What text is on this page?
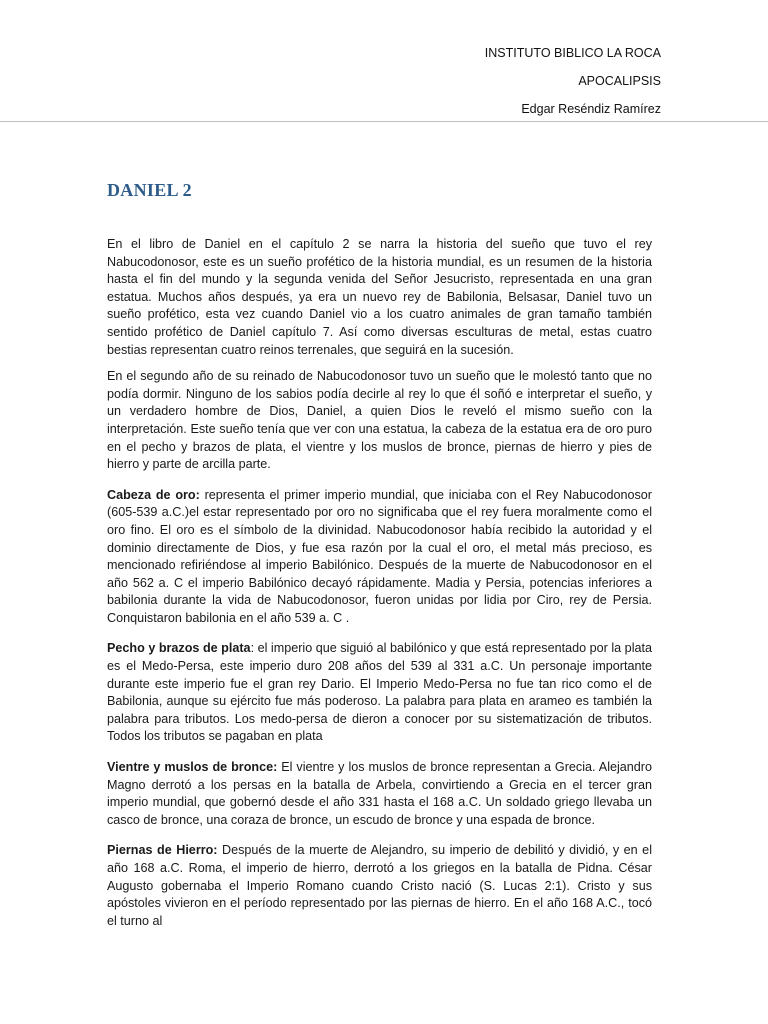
INSTITUTO BIBLICO LA ROCA
APOCALIPSIS
Edgar Reséndiz Ramírez
DANIEL 2

En el libro de Daniel en el capítulo 2 se narra la historia del sueño que tuvo el rey Nabucodonosor, este es un sueño profético de la historia mundial, es un resumen de la historia hasta el fin del mundo y la segunda venida del Señor Jesucristo, representada en una gran estatua. Muchos años después, ya era un nuevo rey de Babilonia, Belsasar, Daniel tuvo un sueño profético, esta vez cuando Daniel vio a los cuatro animales de gran tamaño también sentido profético de Daniel capítulo 7. Así como diversas esculturas de metal, estas cuatro bestias representan cuatro reinos terrenales, que seguirá en la sucesión.

En el segundo año de su reinado de Nabucodonosor tuvo un sueño que le molestó tanto que no podía dormir. Ninguno de los sabios podía decirle al rey lo que él soñó e interpretar el sueño, y un verdadero hombre de Dios, Daniel, a quien Dios le reveló el mismo sueño con la interpretación. Este sueño tenía que ver con una estatua, la cabeza de la estatua era de oro puro en el pecho y brazos de plata, el vientre y los muslos de bronce, piernas de hierro y pies de hierro y parte de arcilla parte.

Cabeza de oro: representa el primer imperio mundial, que iniciaba con el Rey Nabucodonosor (605-539 a.C.)el estar representado por oro no significaba que el rey fuera moralmente como el oro fino. El oro es el símbolo de la divinidad. Nabucodonosor había recibido la autoridad y el dominio directamente de Dios, y fue esa razón por la cual el oro, el metal más precioso, es mencionado refiriéndose al imperio Babilónico. Después de la muerte de Nabucodonosor en el año 562 a. C el imperio Babilónico decayó rápidamente. Madia y Persia, potencias inferiores a babilonia durante la vida de Nabucodonosor, fueron unidas por lidia por Ciro, rey de Persia. Conquistaron babilonia en el año 539 a. C .

Pecho y brazos de plata: el imperio que siguió al babilónico y que está representado por la plata es el Medo-Persa, este imperio duro 208 años del 539 al 331 a.C. Un personaje importante durante este imperio fue el gran rey Dario. El Imperio Medo-Persa no fue tan rico como el de Babilonia, aunque su ejército fue más poderoso. La palabra para plata en arameo es también la palabra para tributos. Los medo-persa de dieron a conocer por su sistematización de tributos. Todos los tributos se pagaban en plata

Vientre y muslos de bronce: El vientre y los muslos de bronce representan a Grecia. Alejandro Magno derrotó a los persas en la batalla de Arbela, convirtiendo a Grecia en el tercer gran imperio mundial, que gobernó desde el año 331 hasta el 168 a.C. Un soldado griego llevaba un casco de bronce, una coraza de bronce, un escudo de bronce y una espada de bronce.

Piernas de Hierro: Después de la muerte de Alejandro, su imperio de debilitó y dividió, y en el año 168 a.C. Roma, el imperio de hierro, derrotó a los griegos en la batalla de Pidna. César Augusto gobernaba el Imperio Romano cuando Cristo nació (S. Lucas 2:1). Cristo y sus apóstoles vivieron en el período representado por las piernas de hierro. En el año 168 A.C., tocó el turno al
